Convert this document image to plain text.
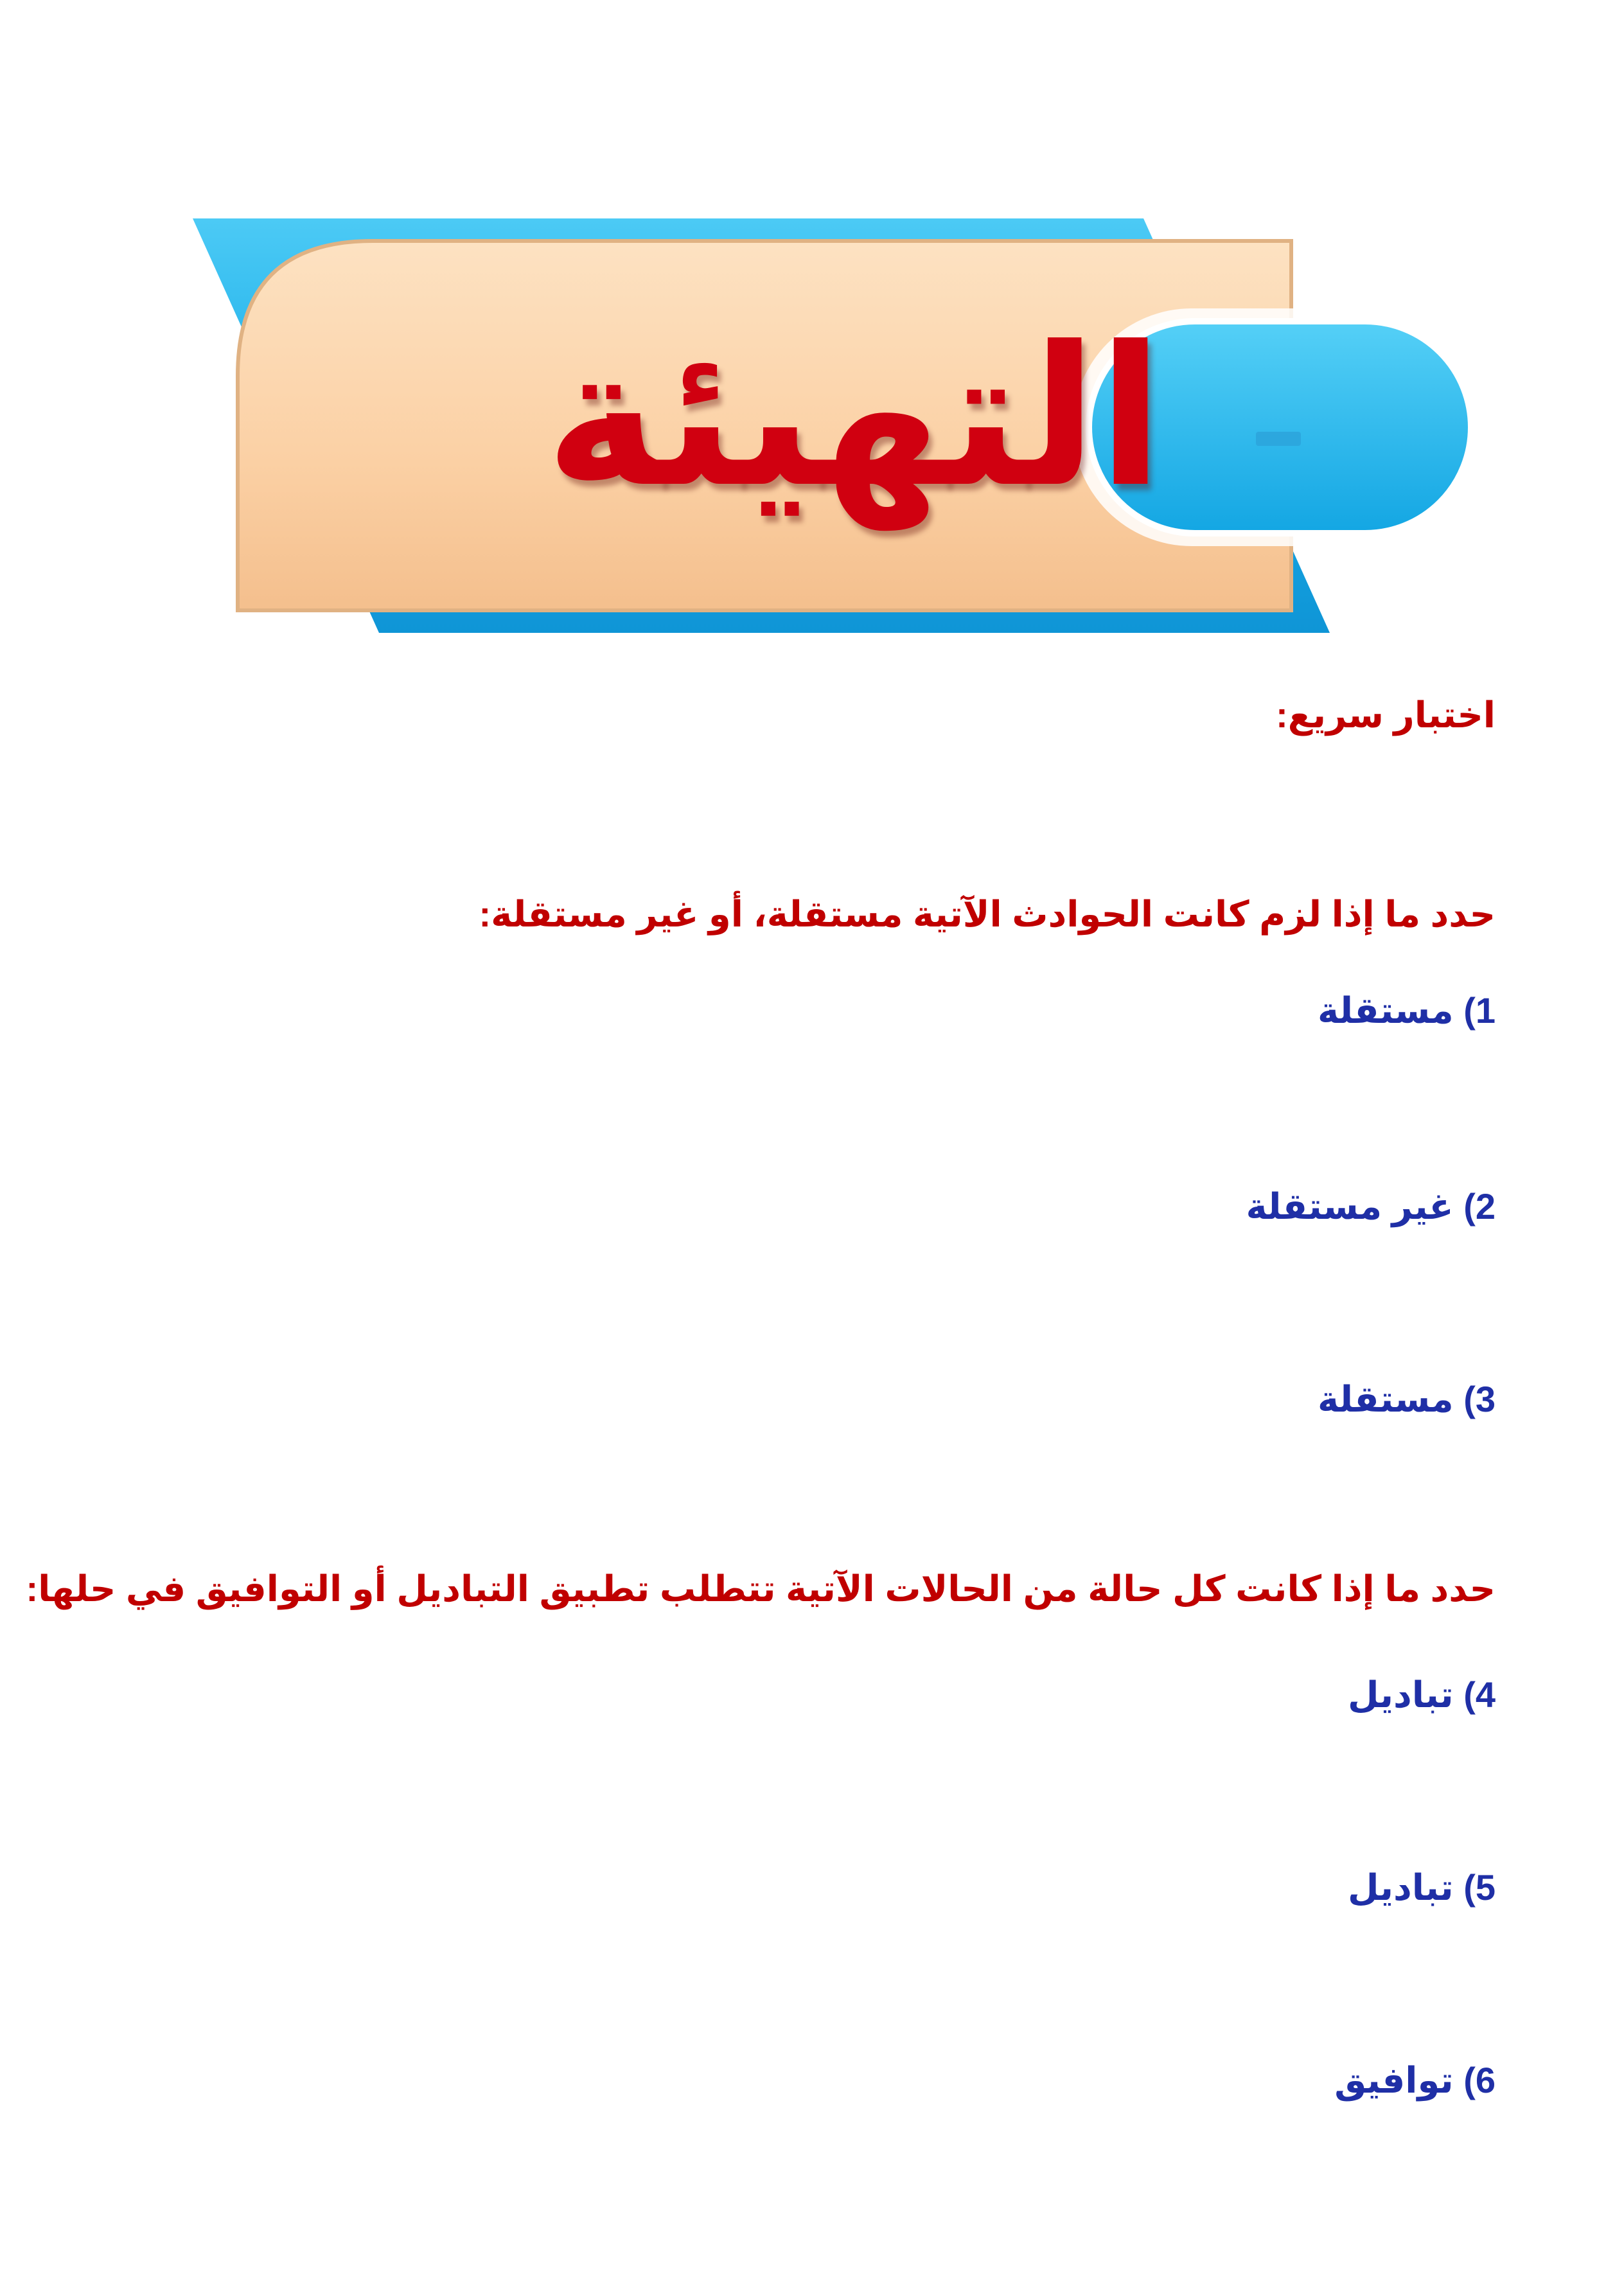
التهيئة
اختبار سريع:
حدد ما إذا لزم كانت الحوادث الآتية مستقلة، أو غير مستقلة:
1) مستقلة
2) غير مستقلة
3) مستقلة
حدد ما إذا كانت كل حالة من الحالات الآتية تتطلب تطبيق التباديل أو التوافيق في حلها:
4) تباديل
5) تباديل
6) توافيق
